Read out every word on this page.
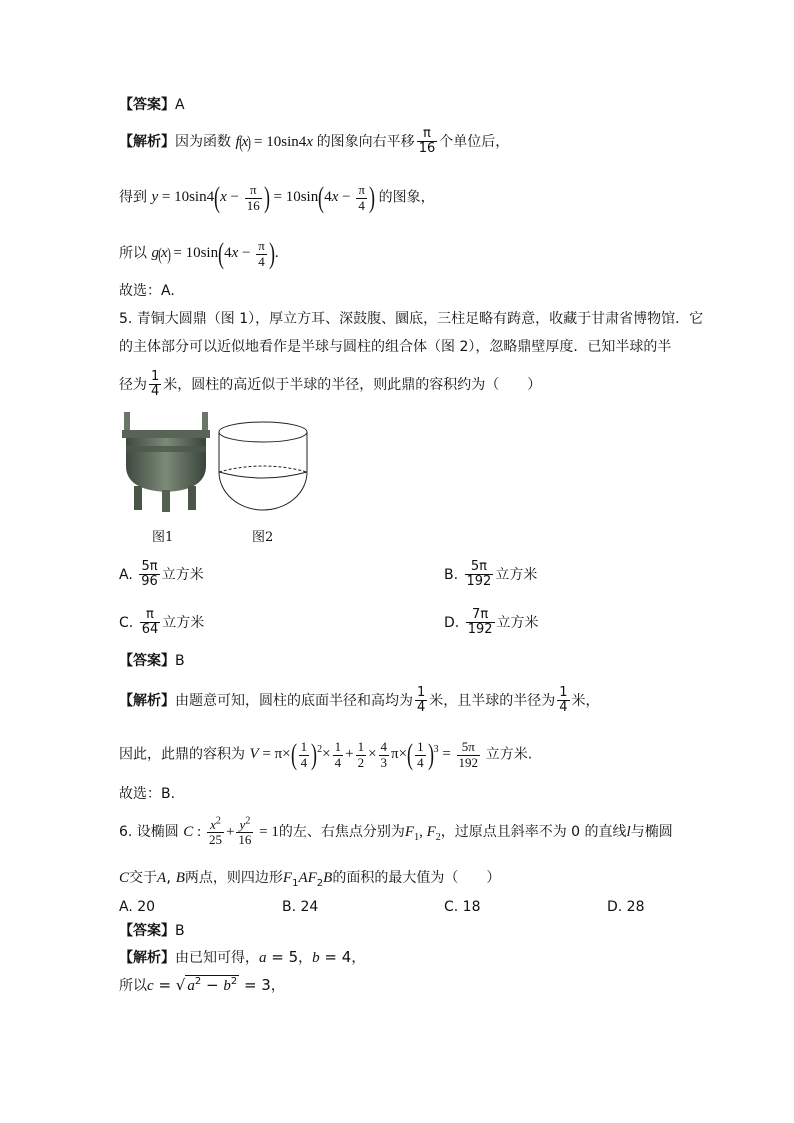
【答案】A
【解析】因为函数 f(x) = 10sin4x 的图象向右平移 $\frac{\pi}{16}$ 个单位后，
得到 $y = 10\sin 4(x - \frac{\pi}{16}$ ) = $10\sin(4x - \frac{\pi}{4}$ ) 的图象，
所以 $g(x) = 10\sin(4x - \frac{\pi}{4}$ ).
故选：A.
5. 青铜大圆鼎（图 1），厚立方耳、深鼓腹、圜底，三柱足略有踌意，收藏于甘肃省博物馆．它
的主体部分可以近似地看作是半球与圆柱的组合体（图 2），忽略鼎壁厚度．已知半球的半
径为 $\frac{1}{4}$ 米，圆柱的高近似于半球的半径，则此鼎的容积约为（　　）
图1	图2
A. $\frac{5\pi}{96}$ 立方米	B. $\frac{5\pi}{192}$ 立方米
C. $\frac{\pi}{64}$ 立方米	D. $\frac{7\pi}{192}$ 立方米
【答案】B
【解析】由题意可知，圆柱的底面半径和高均为 $\frac{1}{4}$ 米，且半球的半径为 $\frac{1}{4}$ 米，
因此，此鼎的容积为 $V = \pi\times( \frac{1}{4} )^2\times \frac{1}{4} + \frac{1}{2} \times \frac{4}{3} \pi\times( \frac{1}{4} )^3 = \frac{5\pi}{192}$ 立方米.
故选：B.
6. 设椭圆 C : $\frac{x^2}{25} + \frac{y^2}{16} = 1$的左、右焦点分别为$F_1$, $F_2$，过原点且斜率不为 0 的直线l与椭圆
C交于A, B两点，则四边形$F_1AF_2B$的面积的最大值为（　　）
A. 20	B. 24	C. 18	D. 28
【答案】B
【解析】由已知可得，a = 5，b = 4，
所以c = √ $a^2 - b^2 = 3$，
